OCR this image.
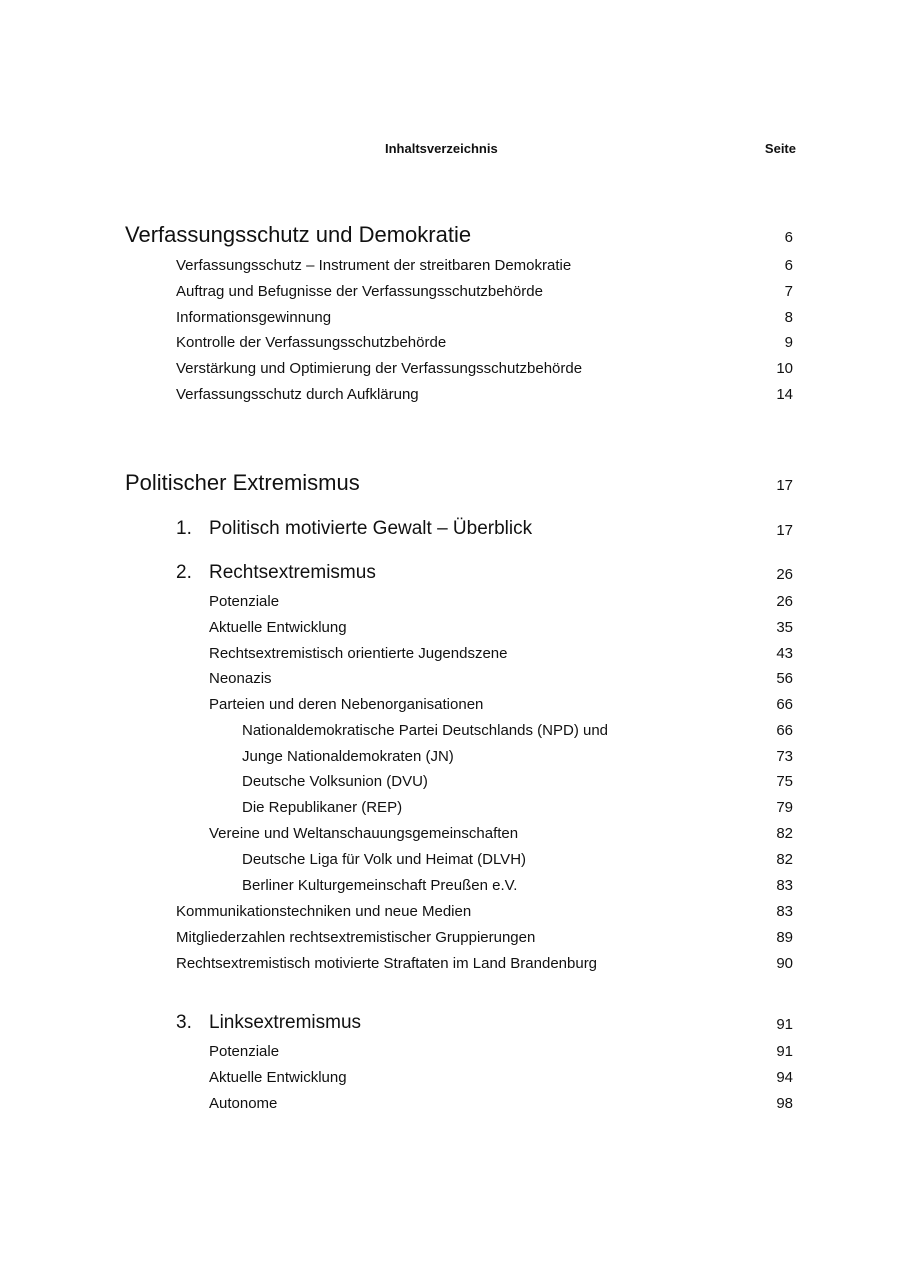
Inhaltsverzeichnis	Seite
Verfassungsschutz und Demokratie	6
Verfassungsschutz – Instrument der streitbaren Demokratie	6
Auftrag und Befugnisse der Verfassungsschutzbehörde	7
Informationsgewinnung	8
Kontrolle der Verfassungsschutzbehörde	9
Verstärkung und Optimierung der Verfassungsschutzbehörde	10
Verfassungsschutz durch Aufklärung	14
Politischer Extremismus	17
1. Politisch motivierte Gewalt – Überblick	17
2. Rechtsextremismus	26
Potenziale	26
Aktuelle Entwicklung	35
Rechtsextremistisch orientierte Jugendszene	43
Neonazis	56
Parteien und deren Nebenorganisationen	66
Nationaldemokratische Partei Deutschlands (NPD) und	66
Junge Nationaldemokraten (JN)	73
Deutsche Volksunion (DVU)	75
Die Republikaner (REP)	79
Vereine und Weltanschauungsgemeinschaften	82
Deutsche Liga für Volk und Heimat (DLVH)	82
Berliner Kulturgemeinschaft Preußen e.V.	83
Kommunikationstechniken und neue Medien	83
Mitgliederzahlen rechtsextremistischer Gruppierungen	89
Rechtsextremistisch motivierte Straftaten im Land Brandenburg	90
3. Linksextremismus	91
Potenziale	91
Aktuelle Entwicklung	94
Autonome	98
